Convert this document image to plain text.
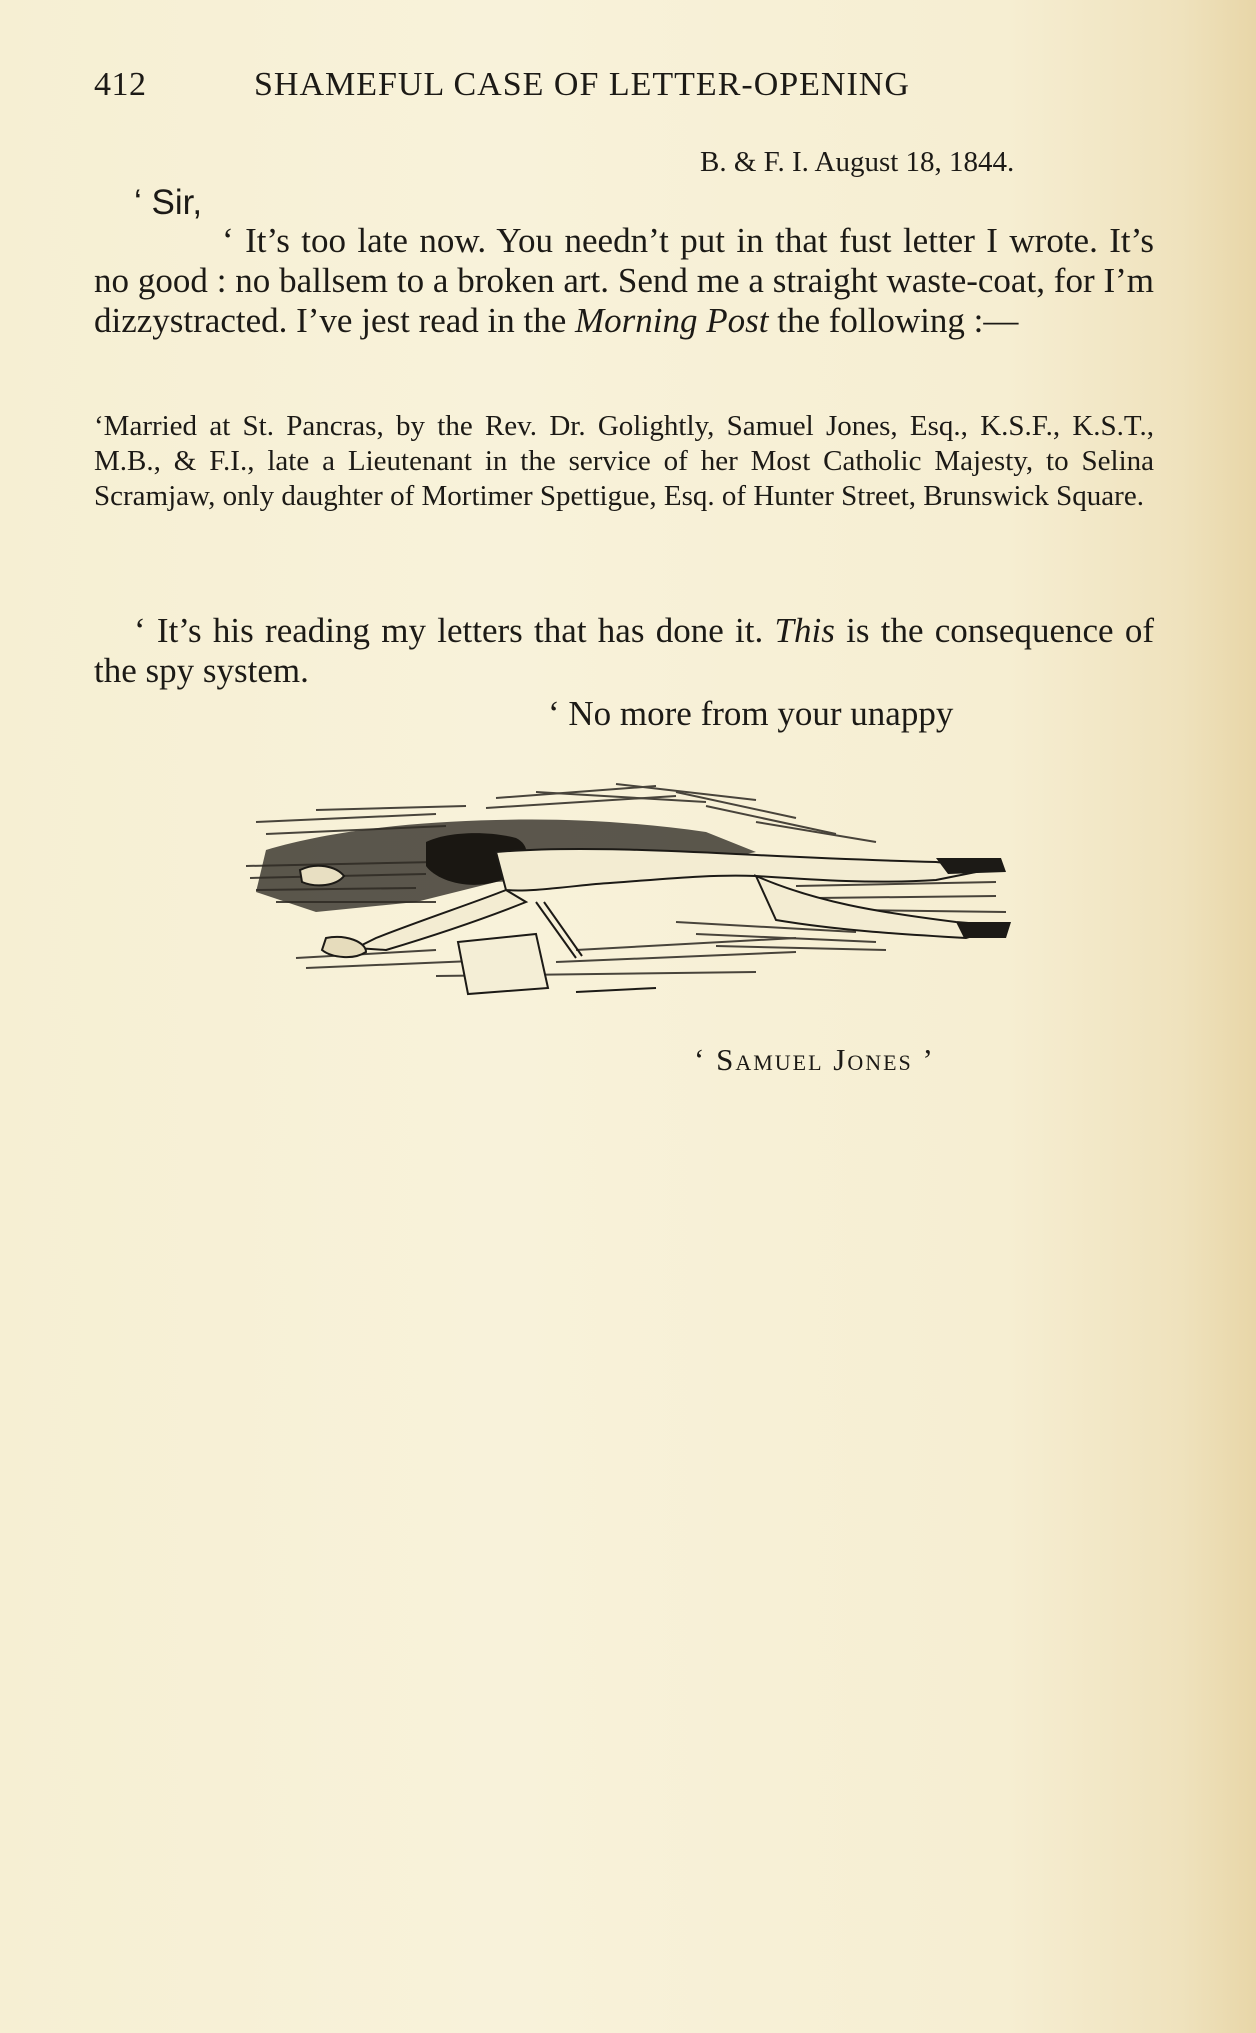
412	SHAMEFUL CASE OF LETTER-OPENING
B. & F. I. August 18, 1844.
‘ Sir,
‘ It’s too late now. You needn’t put in that fust letter I wrote. It’s no good : no ballsem to a broken art. Send me a straight waste-coat, for I’m dizzystracted. I’ve jest read in the Morning Post the following :—
‘Married at St. Pancras, by the Rev. Dr. Golightly, Samuel Jones, Esq., K.S.F., K.S.T., M.B., & F.I., late a Lieutenant in the service of her Most Catholic Majesty, to Selina Scramjaw, only daughter of Mortimer Spettigue, Esq. of Hunter Street, Brunswick Square.
‘ It’s his reading my letters that has done it. This is the consequence of the spy system.
‘ No more from your unappy
‘ Samuel Jones ’
